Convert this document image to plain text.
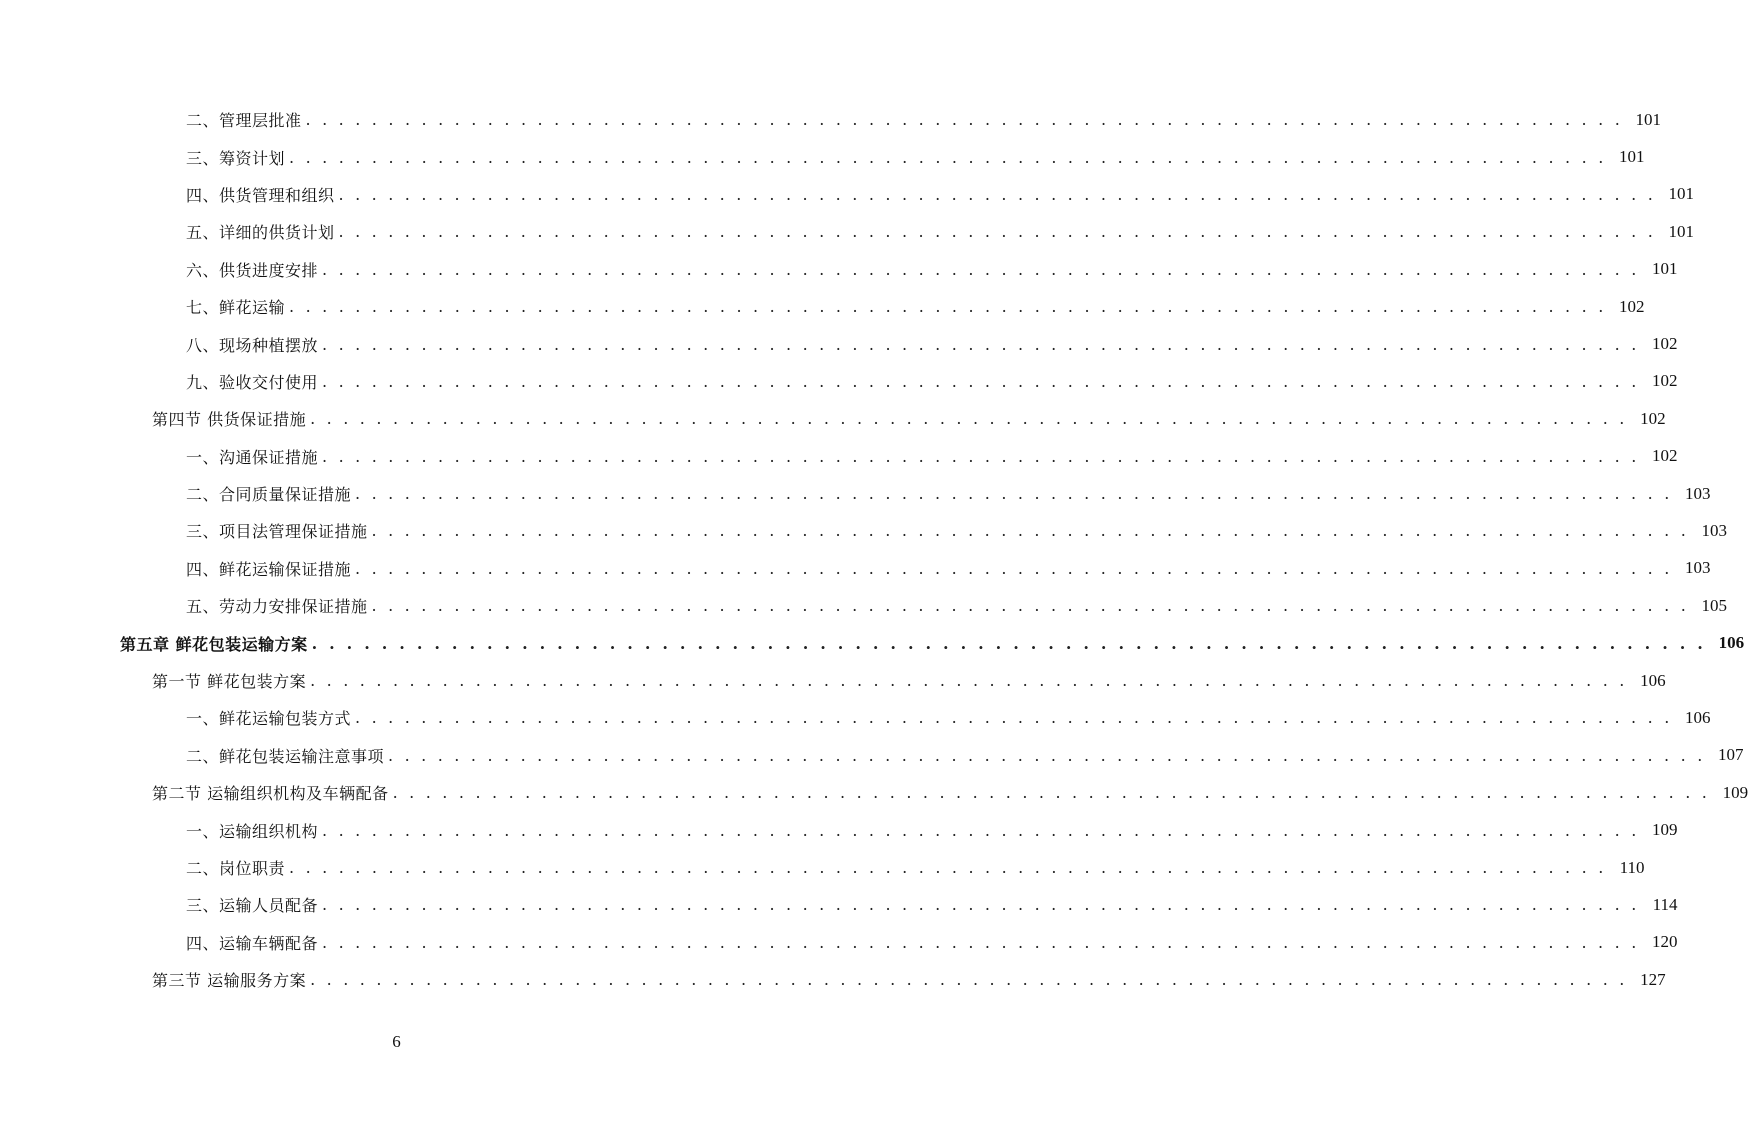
二、管理层批准 . . . . . . . . . . . . . . . . . . . . . . . . . . . . . . . . . . . . . . . . . . . . . . . . . . . . . . . . . . . . . . . . . . . . . . . . . . . . . . . . 101
三、筹资计划 . . . . . . . . . . . . . . . . . . . . . . . . . . . . . . . . . . . . . . . . . . . . . . . . . . . . . . . . . . . . . . . . . . . . . . . . . . . . . . . . 101
四、供货管理和组织 . . . . . . . . . . . . . . . . . . . . . . . . . . . . . . . . . . . . . . . . . . . . . . . . . . . . . . . . . . . . . . . . . . . . . . . . . . . . . . . . 101
五、详细的供货计划 . . . . . . . . . . . . . . . . . . . . . . . . . . . . . . . . . . . . . . . . . . . . . . . . . . . . . . . . . . . . . . . . . . . . . . . . . . . . . . . . 101
六、供货进度安排 . . . . . . . . . . . . . . . . . . . . . . . . . . . . . . . . . . . . . . . . . . . . . . . . . . . . . . . . . . . . . . . . . . . . . . . . . . . . . . . . 101
七、鲜花运输 . . . . . . . . . . . . . . . . . . . . . . . . . . . . . . . . . . . . . . . . . . . . . . . . . . . . . . . . . . . . . . . . . . . . . . . . . . . . . . . . 102
八、现场种植摆放 . . . . . . . . . . . . . . . . . . . . . . . . . . . . . . . . . . . . . . . . . . . . . . . . . . . . . . . . . . . . . . . . . . . . . . . . . . . . . . . . 102
九、验收交付使用 . . . . . . . . . . . . . . . . . . . . . . . . . . . . . . . . . . . . . . . . . . . . . . . . . . . . . . . . . . . . . . . . . . . . . . . . . . . . . . . . 102
第四节 供货保证措施 . . . . . . . . . . . . . . . . . . . . . . . . . . . . . . . . . . . . . . . . . . . . . . . . . . . . . . . . . . . . . . . . . . . . . . . . . . . . . . . . 102
一、沟通保证措施 . . . . . . . . . . . . . . . . . . . . . . . . . . . . . . . . . . . . . . . . . . . . . . . . . . . . . . . . . . . . . . . . . . . . . . . . . . . . . . . . 102
二、合同质量保证措施 . . . . . . . . . . . . . . . . . . . . . . . . . . . . . . . . . . . . . . . . . . . . . . . . . . . . . . . . . . . . . . . . . . . . . . . . . . . . . . . . 103
三、项目法管理保证措施 . . . . . . . . . . . . . . . . . . . . . . . . . . . . . . . . . . . . . . . . . . . . . . . . . . . . . . . . . . . . . . . . . . . . . . . . . . . . . . . . 103
四、鲜花运输保证措施 . . . . . . . . . . . . . . . . . . . . . . . . . . . . . . . . . . . . . . . . . . . . . . . . . . . . . . . . . . . . . . . . . . . . . . . . . . . . . . . . 103
五、劳动力安排保证措施 . . . . . . . . . . . . . . . . . . . . . . . . . . . . . . . . . . . . . . . . . . . . . . . . . . . . . . . . . . . . . . . . . . . . . . . . . . . . . . . . 105
第五章 鲜花包装运输方案 . . . . . . . . . . . . . . . . . . . . . . . . . . . . . . . . . . . . . . . . . . . . . . . . . . . . . . . . . . . . . . . . . . . . . . . . . . . . . . . . 106
第一节 鲜花包装方案 . . . . . . . . . . . . . . . . . . . . . . . . . . . . . . . . . . . . . . . . . . . . . . . . . . . . . . . . . . . . . . . . . . . . . . . . . . . . . . . . 106
一、鲜花运输包装方式 . . . . . . . . . . . . . . . . . . . . . . . . . . . . . . . . . . . . . . . . . . . . . . . . . . . . . . . . . . . . . . . . . . . . . . . . . . . . . . . . 106
二、鲜花包装运输注意事项 . . . . . . . . . . . . . . . . . . . . . . . . . . . . . . . . . . . . . . . . . . . . . . . . . . . . . . . . . . . . . . . . . . . . . . . . . . . . . . . . 107
第二节 运输组织机构及车辆配备 . . . . . . . . . . . . . . . . . . . . . . . . . . . . . . . . . . . . . . . . . . . . . . . . . . . . . . . . . . . . . . . . . . . . . . . . . . . . . . . . 109
一、运输组织机构 . . . . . . . . . . . . . . . . . . . . . . . . . . . . . . . . . . . . . . . . . . . . . . . . . . . . . . . . . . . . . . . . . . . . . . . . . . . . . . . . 109
二、岗位职责 . . . . . . . . . . . . . . . . . . . . . . . . . . . . . . . . . . . . . . . . . . . . . . . . . . . . . . . . . . . . . . . . . . . . . . . . . . . . . . . . 110
三、运输人员配备 . . . . . . . . . . . . . . . . . . . . . . . . . . . . . . . . . . . . . . . . . . . . . . . . . . . . . . . . . . . . . . . . . . . . . . . . . . . . . . . . 114
四、运输车辆配备 . . . . . . . . . . . . . . . . . . . . . . . . . . . . . . . . . . . . . . . . . . . . . . . . . . . . . . . . . . . . . . . . . . . . . . . . . . . . . . . . 120
第三节 运输服务方案 . . . . . . . . . . . . . . . . . . . . . . . . . . . . . . . . . . . . . . . . . . . . . . . . . . . . . . . . . . . . . . . . . . . . . . . . . . . . . . . . 127
6
